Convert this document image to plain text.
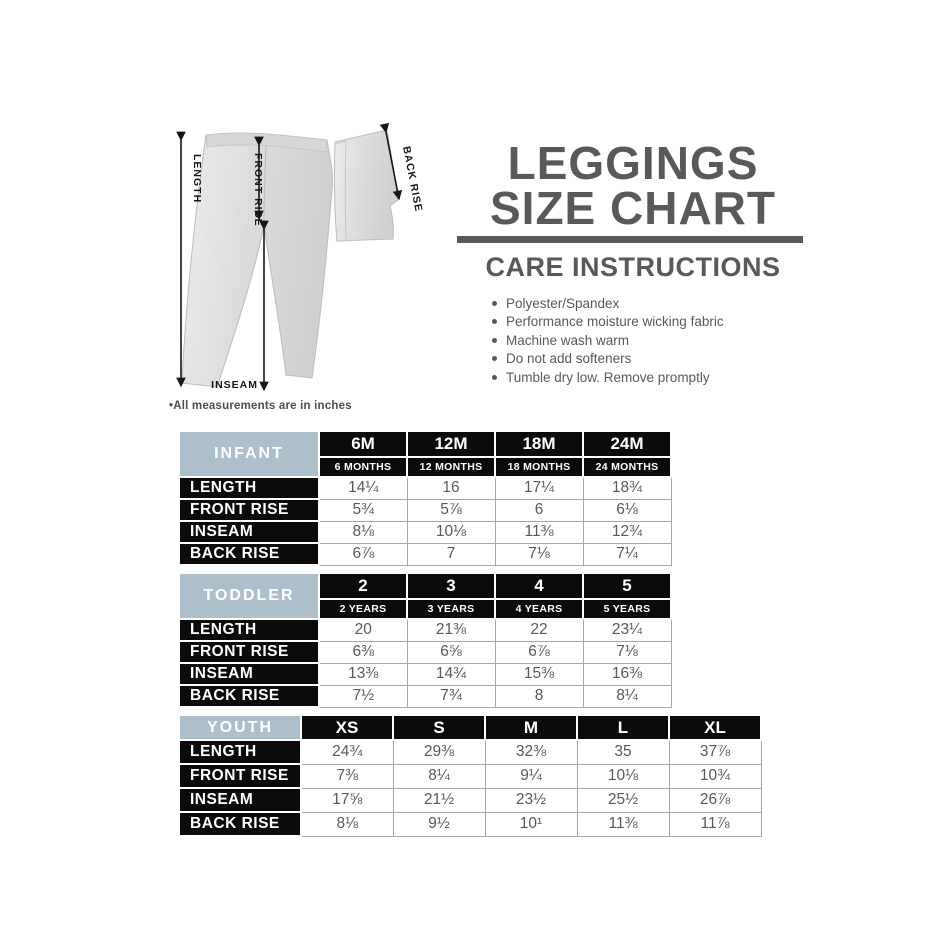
LENGTH	FRONT RISE
INSEAM
BACK RISE
•All measurements are in inches
LEGGINGS
SIZE CHART
CARE INSTRUCTIONS
Polyester/Spandex
Performance moisture wicking fabric
Machine wash warm
Do not add softeners
Tumble dry low. Remove promptly
INFANT	6M	12M	18M	24M
	6 MONTHS	12 MONTHS	18 MONTHS	24 MONTHS
LENGTH	14¼	16	17¼	18¾
FRONT RISE	5¾	5⅞	6	6⅛
INSEAM	8⅛	10⅛	11⅜	12¾
BACK RISE	6⅞	7	7⅛	7¼
TODDLER	2	3	4	5
	2 YEARS	3 YEARS	4 YEARS	5 YEARS
LENGTH	20	21⅜	22	23¼
FRONT RISE	6⅜	6⅝	6⅞	7⅛
INSEAM	13⅜	14¾	15⅜	16⅜
BACK RISE	7½	7¾	8	8¼
YOUTH	XS	S	M	L	XL
LENGTH	24¾	29⅜	32⅜	35	37⅞
FRONT RISE	7⅜	8¼	9¼	10⅛	10¾
INSEAM	17⅝	21½	23½	25½	26⅞
BACK RISE	8⅛	9½	10¹	11⅜	11⅞
